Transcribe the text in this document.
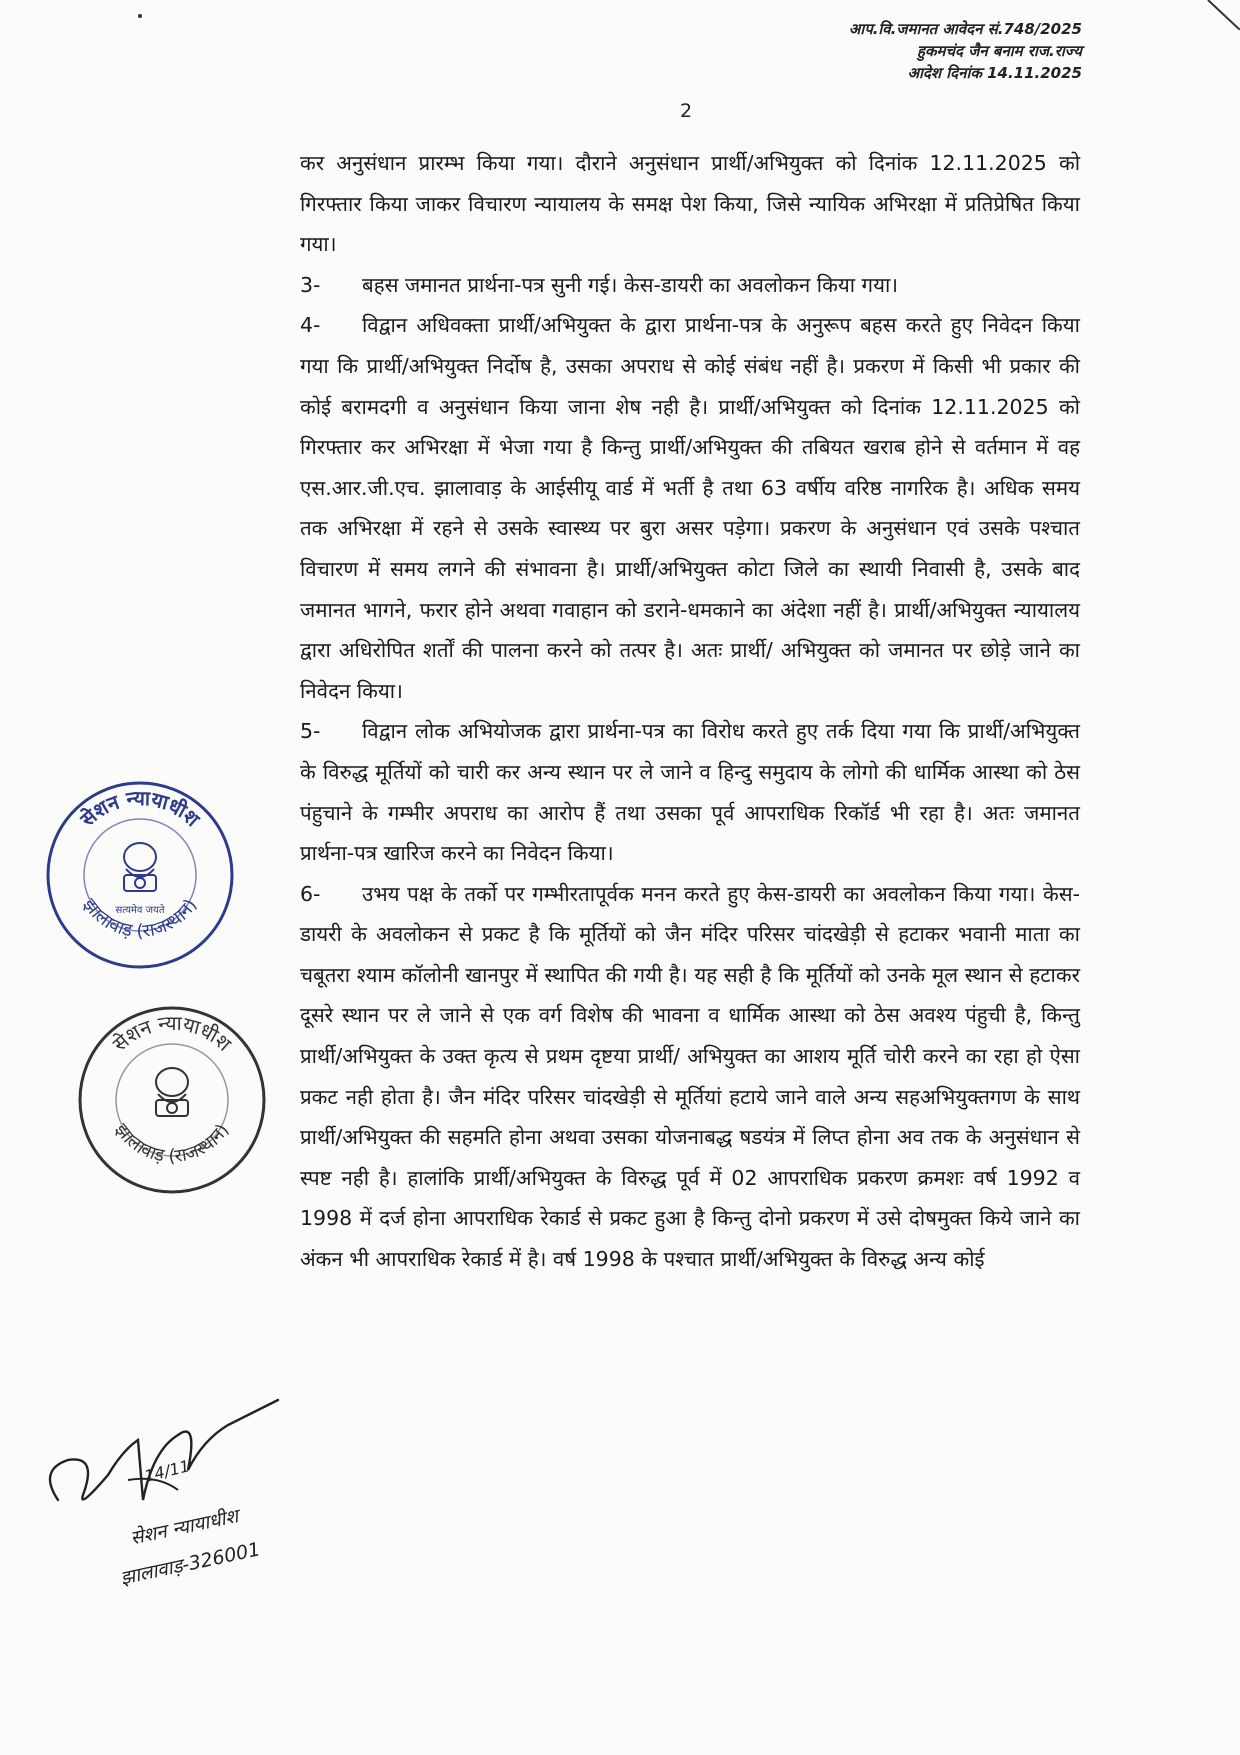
आप.वि.जमानत आवेदन सं.748/2025
हुकमचंद जैन बनाम राज.राज्य
आदेश दिनांक 14.11.2025
2

कर अनुसंधान प्रारम्भ किया गया। दौराने अनुसंधान प्रार्थी/अभियुक्त को दिनांक 12.11.2025 को गिरफ्तार किया जाकर विचारण न्यायालय के समक्ष पेश किया, जिसे न्यायिक अभिरक्षा में प्रतिप्रेषित किया गया।

3- बहस जमानत प्रार्थना-पत्र सुनी गई। केस-डायरी का अवलोकन किया गया।

4- विद्वान अधिवक्ता प्रार्थी/अभियुक्त के द्वारा प्रार्थना-पत्र के अनुरूप बहस करते हुए निवेदन किया गया कि प्रार्थी/अभियुक्त निर्दोष है, उसका अपराध से कोई संबंध नहीं है। प्रकरण में किसी भी प्रकार की कोई बरामदगी व अनुसंधान किया जाना शेष नही है। प्रार्थी/अभियुक्त को दिनांक 12.11.2025 को गिरफ्तार कर अभिरक्षा में भेजा गया है किन्तु प्रार्थी/अभियुक्त की तबियत खराब होने से वर्तमान में वह एस.आर.जी.एच. झालावाड़ के आईसीयू वार्ड में भर्ती है तथा 63 वर्षीय वरिष्ठ नागरिक है। अधिक समय तक अभिरक्षा में रहने से उसके स्वास्थ्य पर बुरा असर पड़ेगा। प्रकरण के अनुसंधान एवं उसके पश्चात विचारण में समय लगने की संभावना है। प्रार्थी/अभियुक्त कोटा जिले का स्थायी निवासी है, उसके बाद जमानत भागने, फरार होने अथवा गवाहान को डराने-धमकाने का अंदेशा नहीं है। प्रार्थी/अभियुक्त न्यायालय द्वारा अधिरोपित शर्तों की पालना करने को तत्पर है। अतः प्रार्थी/ अभियुक्त को जमानत पर छोड़े जाने का निवेदन किया।

5- विद्वान लोक अभियोजक द्वारा प्रार्थना-पत्र का विरोध करते हुए तर्क दिया गया कि प्रार्थी/अभियुक्त के विरुद्ध मूर्तियों को चारी कर अन्य स्थान पर ले जाने व हिन्दु समुदाय के लोगो की धार्मिक आस्था को ठेस पंहुचाने के गम्भीर अपराध का आरोप हैं तथा उसका पूर्व आपराधिक रिकॉर्ड भी रहा है। अतः जमानत प्रार्थना-पत्र खारिज करने का निवेदन किया।

6- उभय पक्ष के तर्को पर गम्भीरतापूर्वक मनन करते हुए केस-डायरी का अवलोकन किया गया। केस-डायरी के अवलोकन से प्रकट है कि मूर्तियों को जैन मंदिर परिसर चांदखेड़ी से हटाकर भवानी माता का चबूतरा श्याम कॉलोनी खानपुर में स्थापित की गयी है। यह सही है कि मूर्तियों को उनके मूल स्थान से हटाकर दूसरे स्थान पर ले जाने से एक वर्ग विशेष की भावना व धार्मिक आस्था को ठेस अवश्य पंहुची है, किन्तु प्रार्थी/अभियुक्त के उक्त कृत्य से प्रथम दृष्टया प्रार्थी/ अभियुक्त का आशय मूर्ति चोरी करने का रहा हो ऐसा प्रकट नही होता है। जैन मंदिर परिसर चांदखेड़ी से मूर्तियां हटाये जाने वाले अन्य सहअभियुक्तगण के साथ प्रार्थी/अभियुक्त की सहमति होना अथवा उसका योजनाबद्ध षडयंत्र में लिप्त होना अव तक के अनुसंधान से स्पष्ट नही है। हालांकि प्रार्थी/अभियुक्त के विरुद्ध पूर्व में 02 आपराधिक प्रकरण क्रमशः वर्ष 1992 व 1998 में दर्ज होना आपराधिक रेकार्ड से प्रकट हुआ है किन्तु दोनो प्रकरण में उसे दोषमुक्त किये जाने का अंकन भी आपराधिक रेकार्ड में है। वर्ष 1998 के पश्चात प्रार्थी/अभियुक्त के विरुद्ध अन्य कोई

सेशन न्यायाधीश
झालावाड़ (राजस्थान)
सत्यमेव जयते
सेशन न्यायाधीश
झालावाड़ (राजस्थान)
14/11
सेशन न्यायाधीश
झालावाड़-326001
